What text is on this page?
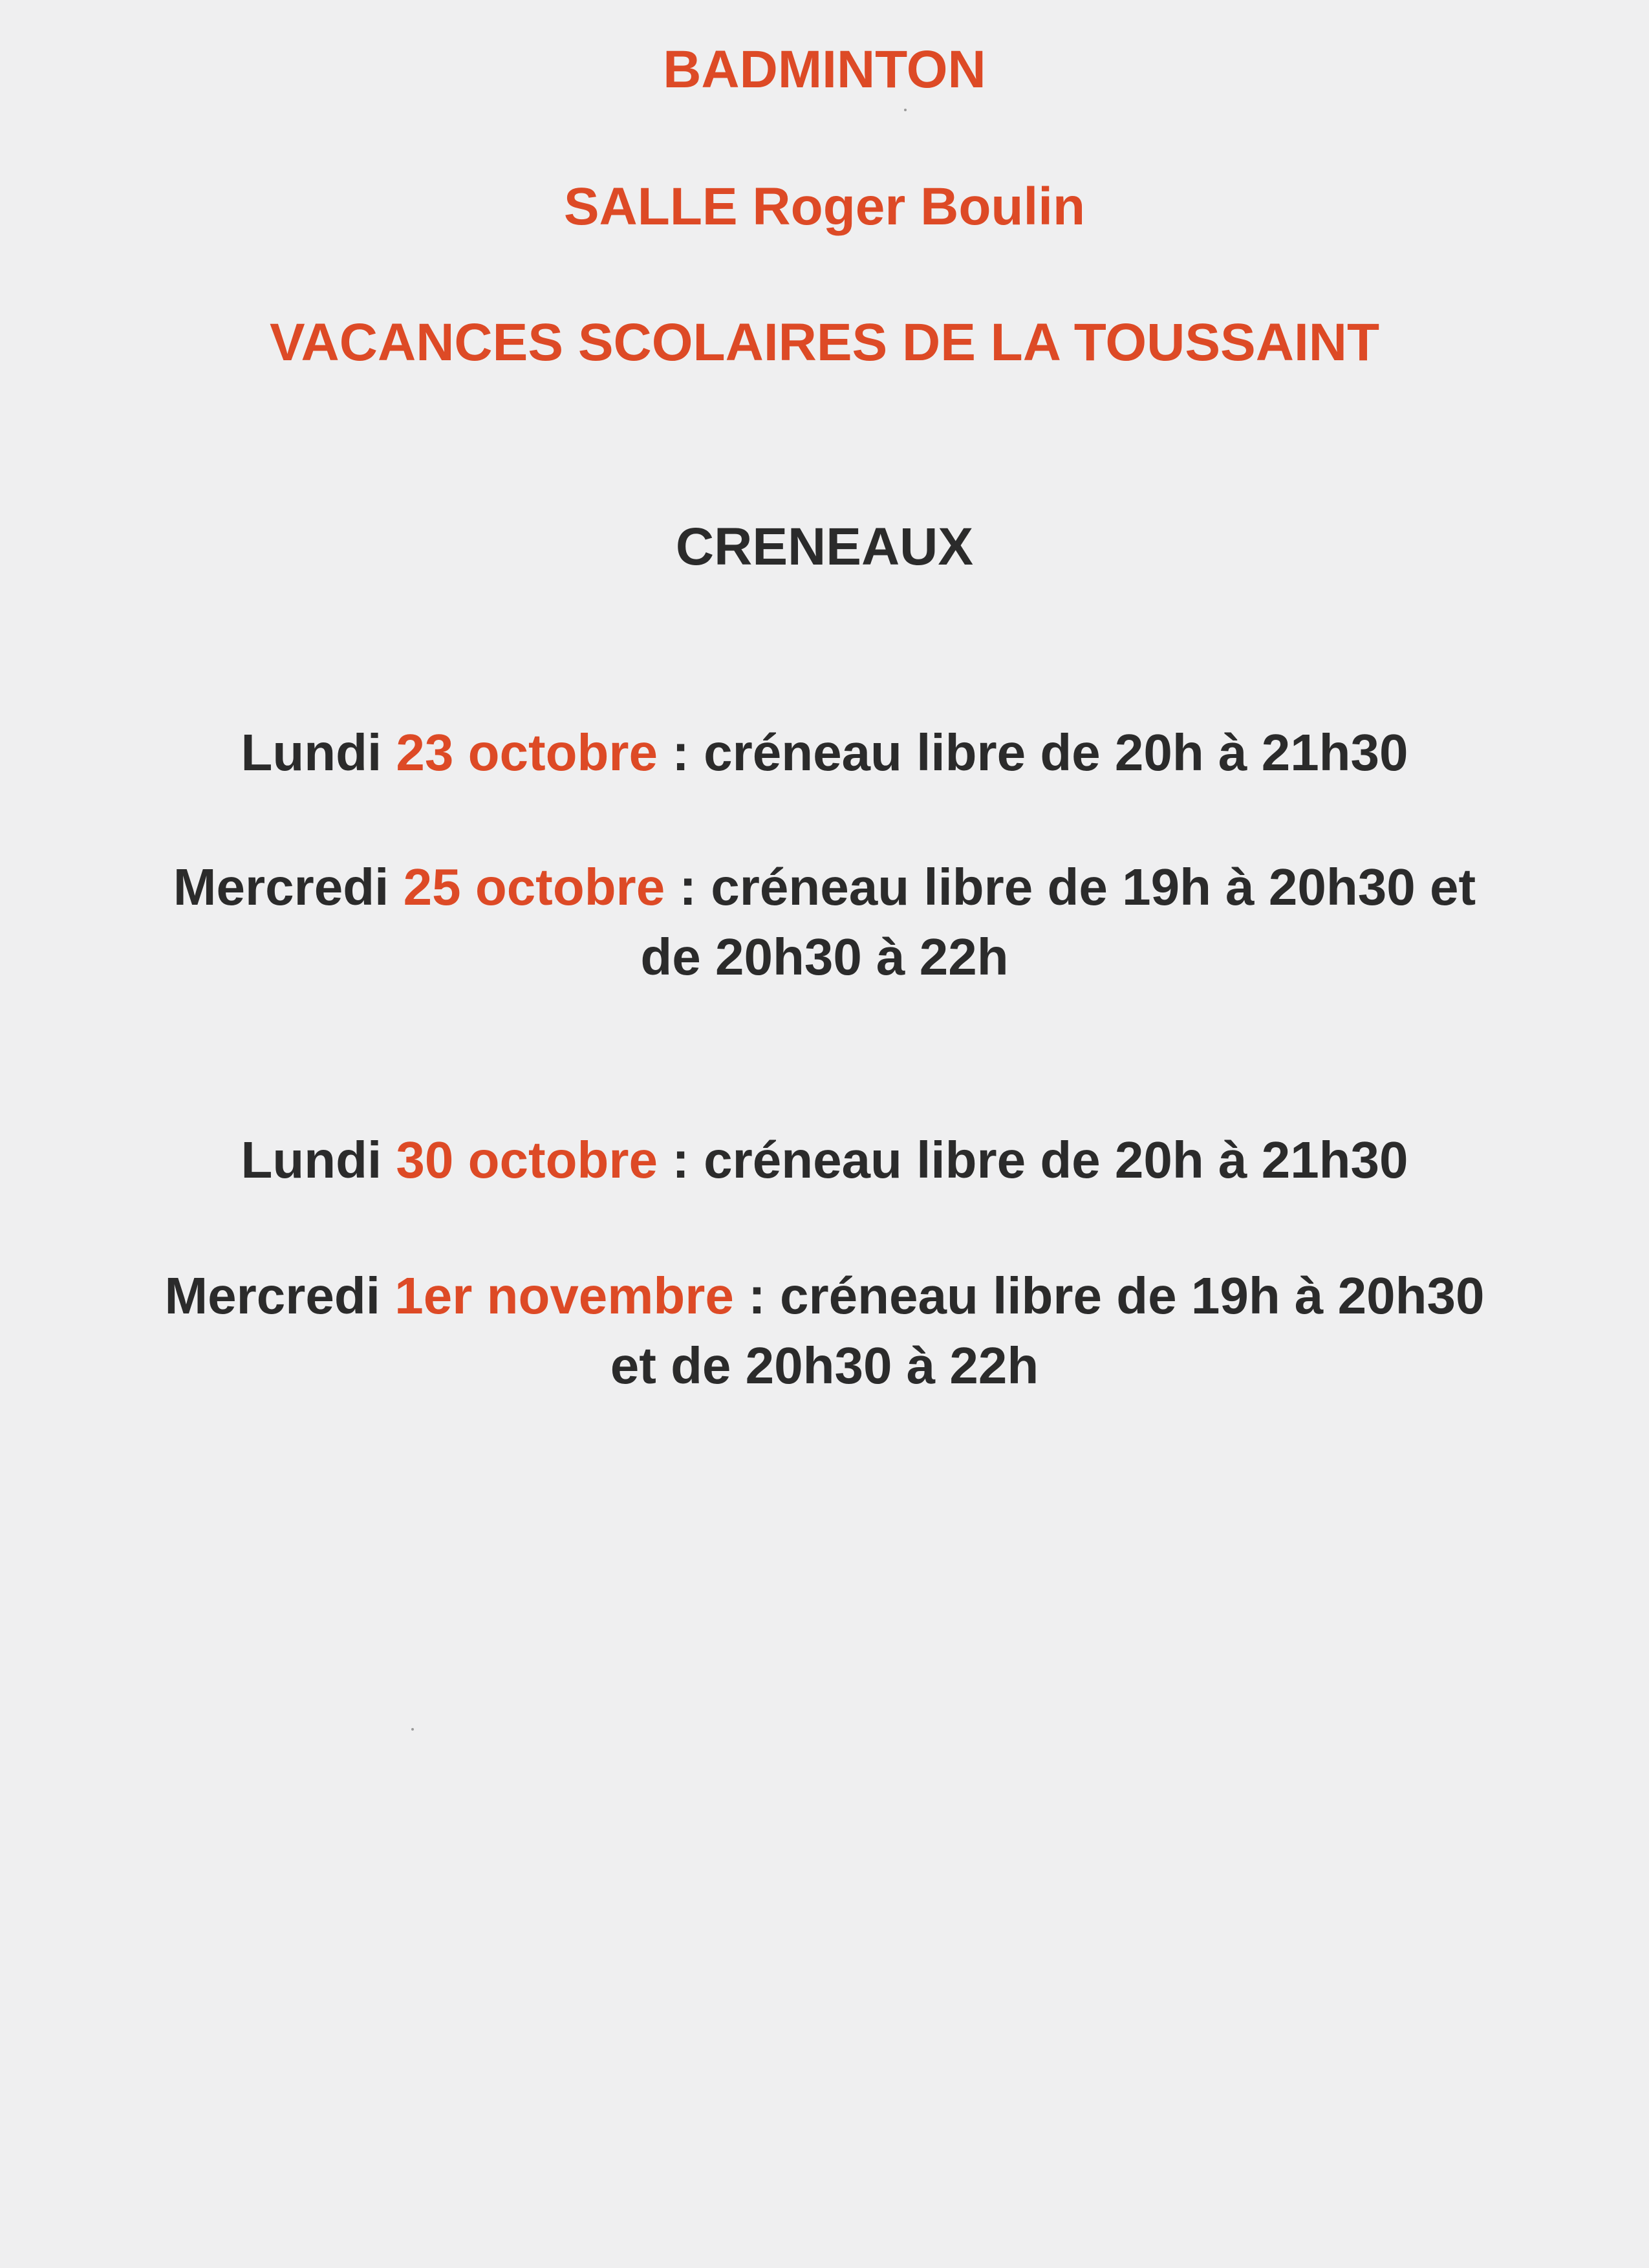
BADMINTON
SALLE Roger Boulin
VACANCES SCOLAIRES DE LA TOUSSAINT
CRENEAUX
Lundi 23 octobre : créneau libre de 20h à 21h30
Mercredi 25 octobre : créneau libre de 19h à 20h30 et
de 20h30 à 22h
Lundi 30 octobre : créneau libre de 20h à 21h30
Mercredi 1er novembre : créneau libre de 19h à 20h30
et de 20h30 à 22h
